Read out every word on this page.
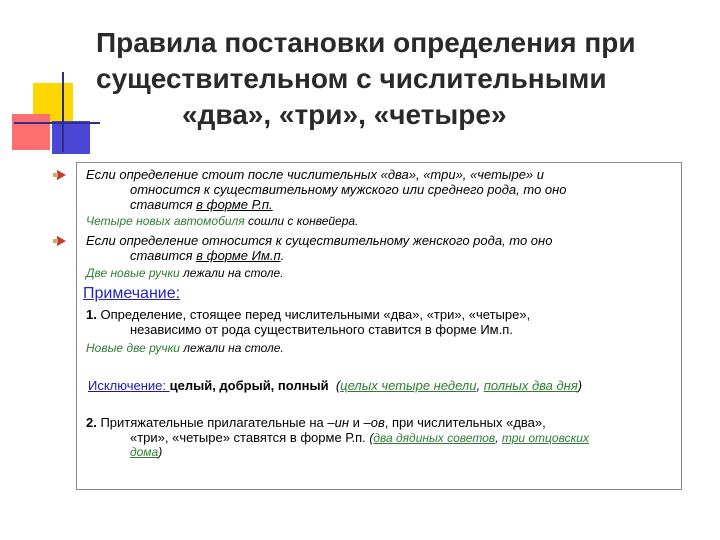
Правила постановки определения при
существительном с числительными
«два», «три», «четыре»
Если определение стоит после числительных «два», «три», «четыре» и
относится к существительному мужского или среднего рода, то оно
ставится в форме Р.п.
Четыре новых автомобиля сошли с конвейера.
Если определение относится к существительному женского рода, то оно
ставится в форме Им.п.
Две новые ручки лежали на столе.
Примечание:
1. Определение, стоящее перед числительными «два», «три», «четыре»,
независимо от рода существительного ставится в форме Им.п.
Новые две ручки лежали на столе.
Исключение: целый, добрый, полный (целых четыре недели, полных два дня)
2. Притяжательные прилагательные на –ин и –ов, при числительных «два»,
«три», «четыре» ставятся в форме Р.п. (два дядиных советов, три отцовских
дома)
